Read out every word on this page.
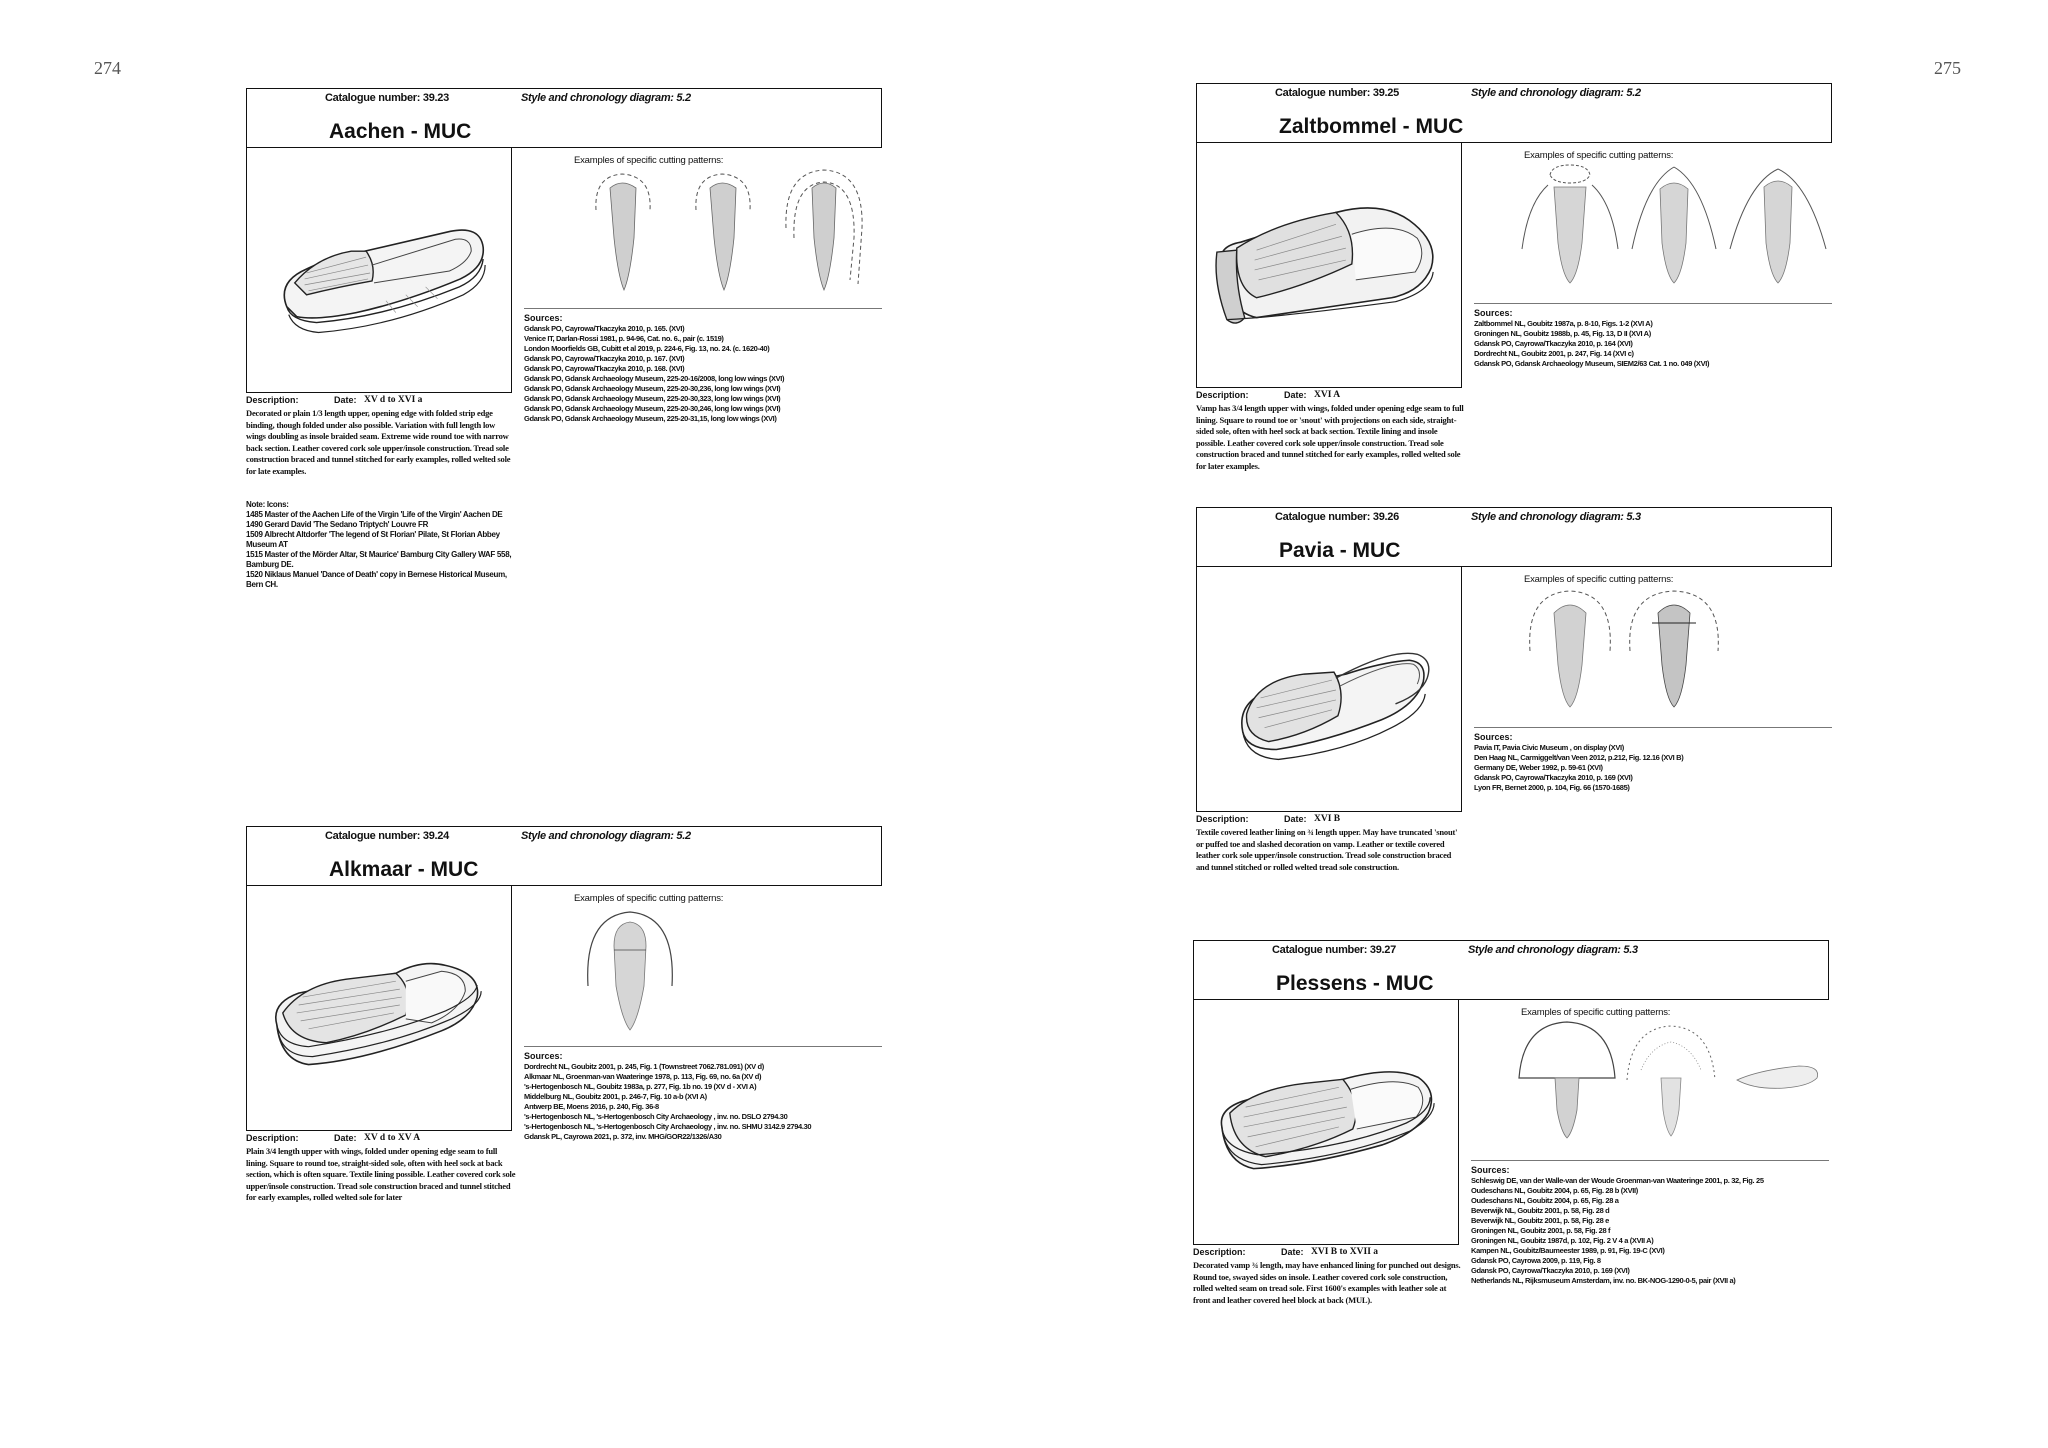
274	275
Catalogue number: 39.23	Style and chronology diagram: 5.2
Aachen - MUC
Examples of specific cutting patterns:
Sources:
Gdansk PO, Cayrowa/Tkaczyka 2010, p. 165. (XVI)
Venice IT, Darlan-Rossi 1981, p. 94-96, Cat. no. 6., pair (c. 1519)
London Moorfields GB, Cubitt et al 2019, p. 224-6, Fig. 13, no. 24. (c. 1620-40)
Gdansk PO, Cayrowa/Tkaczyka 2010, p. 167. (XVI)
Gdansk PO, Cayrowa/Tkaczyka 2010, p. 168. (XVI)
Gdansk PO, Gdansk Archaeology Museum, 225-20-16/2008, long low wings (XVI)
Gdansk PO, Gdansk Archaeology Museum, 225-20-30,236, long low wings (XVI)
Gdansk PO, Gdansk Archaeology Museum, 225-20-30,323, long low wings (XVI)
Gdansk PO, Gdansk Archaeology Museum, 225-20-30,246, long low wings (XVI)
Gdansk PO, Gdansk Archaeology Museum, 225-20-31,15, long low wings (XVI)
Description:	Date: XV d to XVI a
Decorated or plain 1/3 length upper, opening edge with folded strip edge binding, though folded under also possible. Variation with full length low wings doubling as insole braided seam. Extreme wide round toe with narrow back section. Leather covered cork sole upper/insole construction. Tread sole construction braced and tunnel stitched for early examples, rolled welted sole for late examples.
Note: Icons:
1485 Master of the Aachen Life of the Virgin 'Life of the Virgin' Aachen DE
1490 Gerard David 'The Sedano Triptych' Louvre FR
1509 Albrecht Altdorfer 'The legend of St Florian' Pilate, St Florian Abbey Museum AT
1515 Master of the Mörder Altar, St Maurice' Bamburg City Gallery WAF 558, Bamburg DE.
1520 Niklaus Manuel 'Dance of Death' copy in Bernese Historical Museum, Bern CH.
Catalogue number: 39.24	Style and chronology diagram: 5.2
Alkmaar - MUC
Examples of specific cutting patterns:
Sources:
Dordrecht NL, Goubitz 2001, p. 245, Fig. 1 (Townstreet 7062.781.091) (XV d)
Alkmaar NL, Groenman-van Waateringe 1978, p. 113, Fig. 69, no. 6a (XV d)
's-Hertogenbosch NL, Goubitz 1983a, p. 277, Fig. 1b no. 19 (XV d - XVI A)
Middelburg NL, Goubitz 2001, p. 246-7, Fig. 10 a-b (XVI A)
Antwerp BE, Moens 2016, p. 240, Fig. 36-8
's-Hertogenbosch NL, 's-Hertogenbosch City Archaeology , inv. no. DSLO 2794.30
's-Hertogenbosch NL, 's-Hertogenbosch City Archaeology , inv. no. SHMU 3142.9 2794.30
Gdansk PL, Cayrowa 2021, p. 372, inv. MHG/GOR22/1326/A30
Description:	Date: XV d to XV A
Plain 3/4 length upper with wings, folded under opening edge seam to full lining. Square to round toe, straight-sided sole, often with heel sock at back section, which is often square. Textile lining possible. Leather covered cork sole upper/insole construction. Tread sole construction braced and tunnel stitched for early examples, rolled welted sole for later
Catalogue number: 39.25	Style and chronology diagram: 5.2
Zaltbommel - MUC
Examples of specific cutting patterns:
Sources:
Zaltbommel NL, Goubitz 1987a, p. 8-10, Figs. 1-2 (XVI A)
Groningen NL, Goubitz 1988b, p. 45, Fig. 13, D II (XVI A)
Gdansk PO, Cayrowa/Tkaczyka 2010, p. 164 (XVI)
Dordrecht NL, Goubitz 2001, p. 247, Fig. 14 (XVI c)
Gdansk PO, Gdansk Archaeology Museum, SIEM2/63 Cat. 1 no. 049 (XVI)
Description:	Date: XVI A
Vamp has 3/4 length upper with wings, folded under opening edge seam to full lining. Square to round toe or 'snout' with projections on each side, straight-sided sole, often with heel sock at back section. Textile lining and insole possible. Leather covered cork sole upper/insole construction. Tread sole construction braced and tunnel stitched for early examples, rolled welted sole for later examples.
Catalogue number: 39.26	Style and chronology diagram: 5.3
Pavia - MUC
Examples of specific cutting patterns:
Sources:
Pavia IT, Pavia Civic Museum , on display (XVI)
Den Haag NL, Carmiggelt/van Veen 2012, p.212, Fig. 12.16 (XVI B)
Germany DE, Weber 1992, p. 59-61 (XVI)
Gdansk PO, Cayrowa/Tkaczyka 2010, p. 169 (XVI)
Lyon FR, Bernet 2000, p. 104, Fig. 66 (1570-1685)
Description:	Date: XVI B
Textile covered leather lining on ¾ length upper. May have truncated 'snout' or puffed toe and slashed decoration on vamp. Leather or textile covered leather cork sole upper/insole construction. Tread sole construction braced and tunnel stitched or rolled welted tread sole construction.
Catalogue number: 39.27	Style and chronology diagram: 5.3
Plessens - MUC
Examples of specific cutting patterns:
Sources:
Schleswig DE, van der Walle-van der Woude Groenman-van Waateringe 2001, p. 32, Fig. 25
Oudeschans NL, Goubitz 2004, p. 65, Fig. 28 b (XVII)
Oudeschans NL, Goubitz 2004, p. 65, Fig. 28 a
Beverwijk NL, Goubitz 2001, p. 58, Fig. 28 d
Beverwijk NL, Goubitz 2001, p. 58, Fig. 28 e
Groningen NL, Goubitz 2001, p. 58, Fig. 28 f
Groningen NL, Goubitz 1987d, p. 102, Fig. 2 V 4 a (XVII A)
Kampen NL, Goubitz/Baumeester 1989, p. 91, Fig. 19-C (XVI)
Gdansk PO, Cayrowa 2009, p. 119, Fig. 8
Gdansk PO, Cayrowa/Tkaczyka 2010, p. 169 (XVI)
Netherlands NL, Rijksmuseum Amsterdam, inv. no. BK-NOG-1290-0-5, pair (XVII a)
Description:	Date: XVI B to XVII a
Decorated vamp ¾ length, may have enhanced lining for punched out designs. Round toe, swayed sides on insole. Leather covered cork sole construction, rolled welted seam on tread sole. First 1600's examples with leather sole at front and leather covered heel block at back (MUL).
